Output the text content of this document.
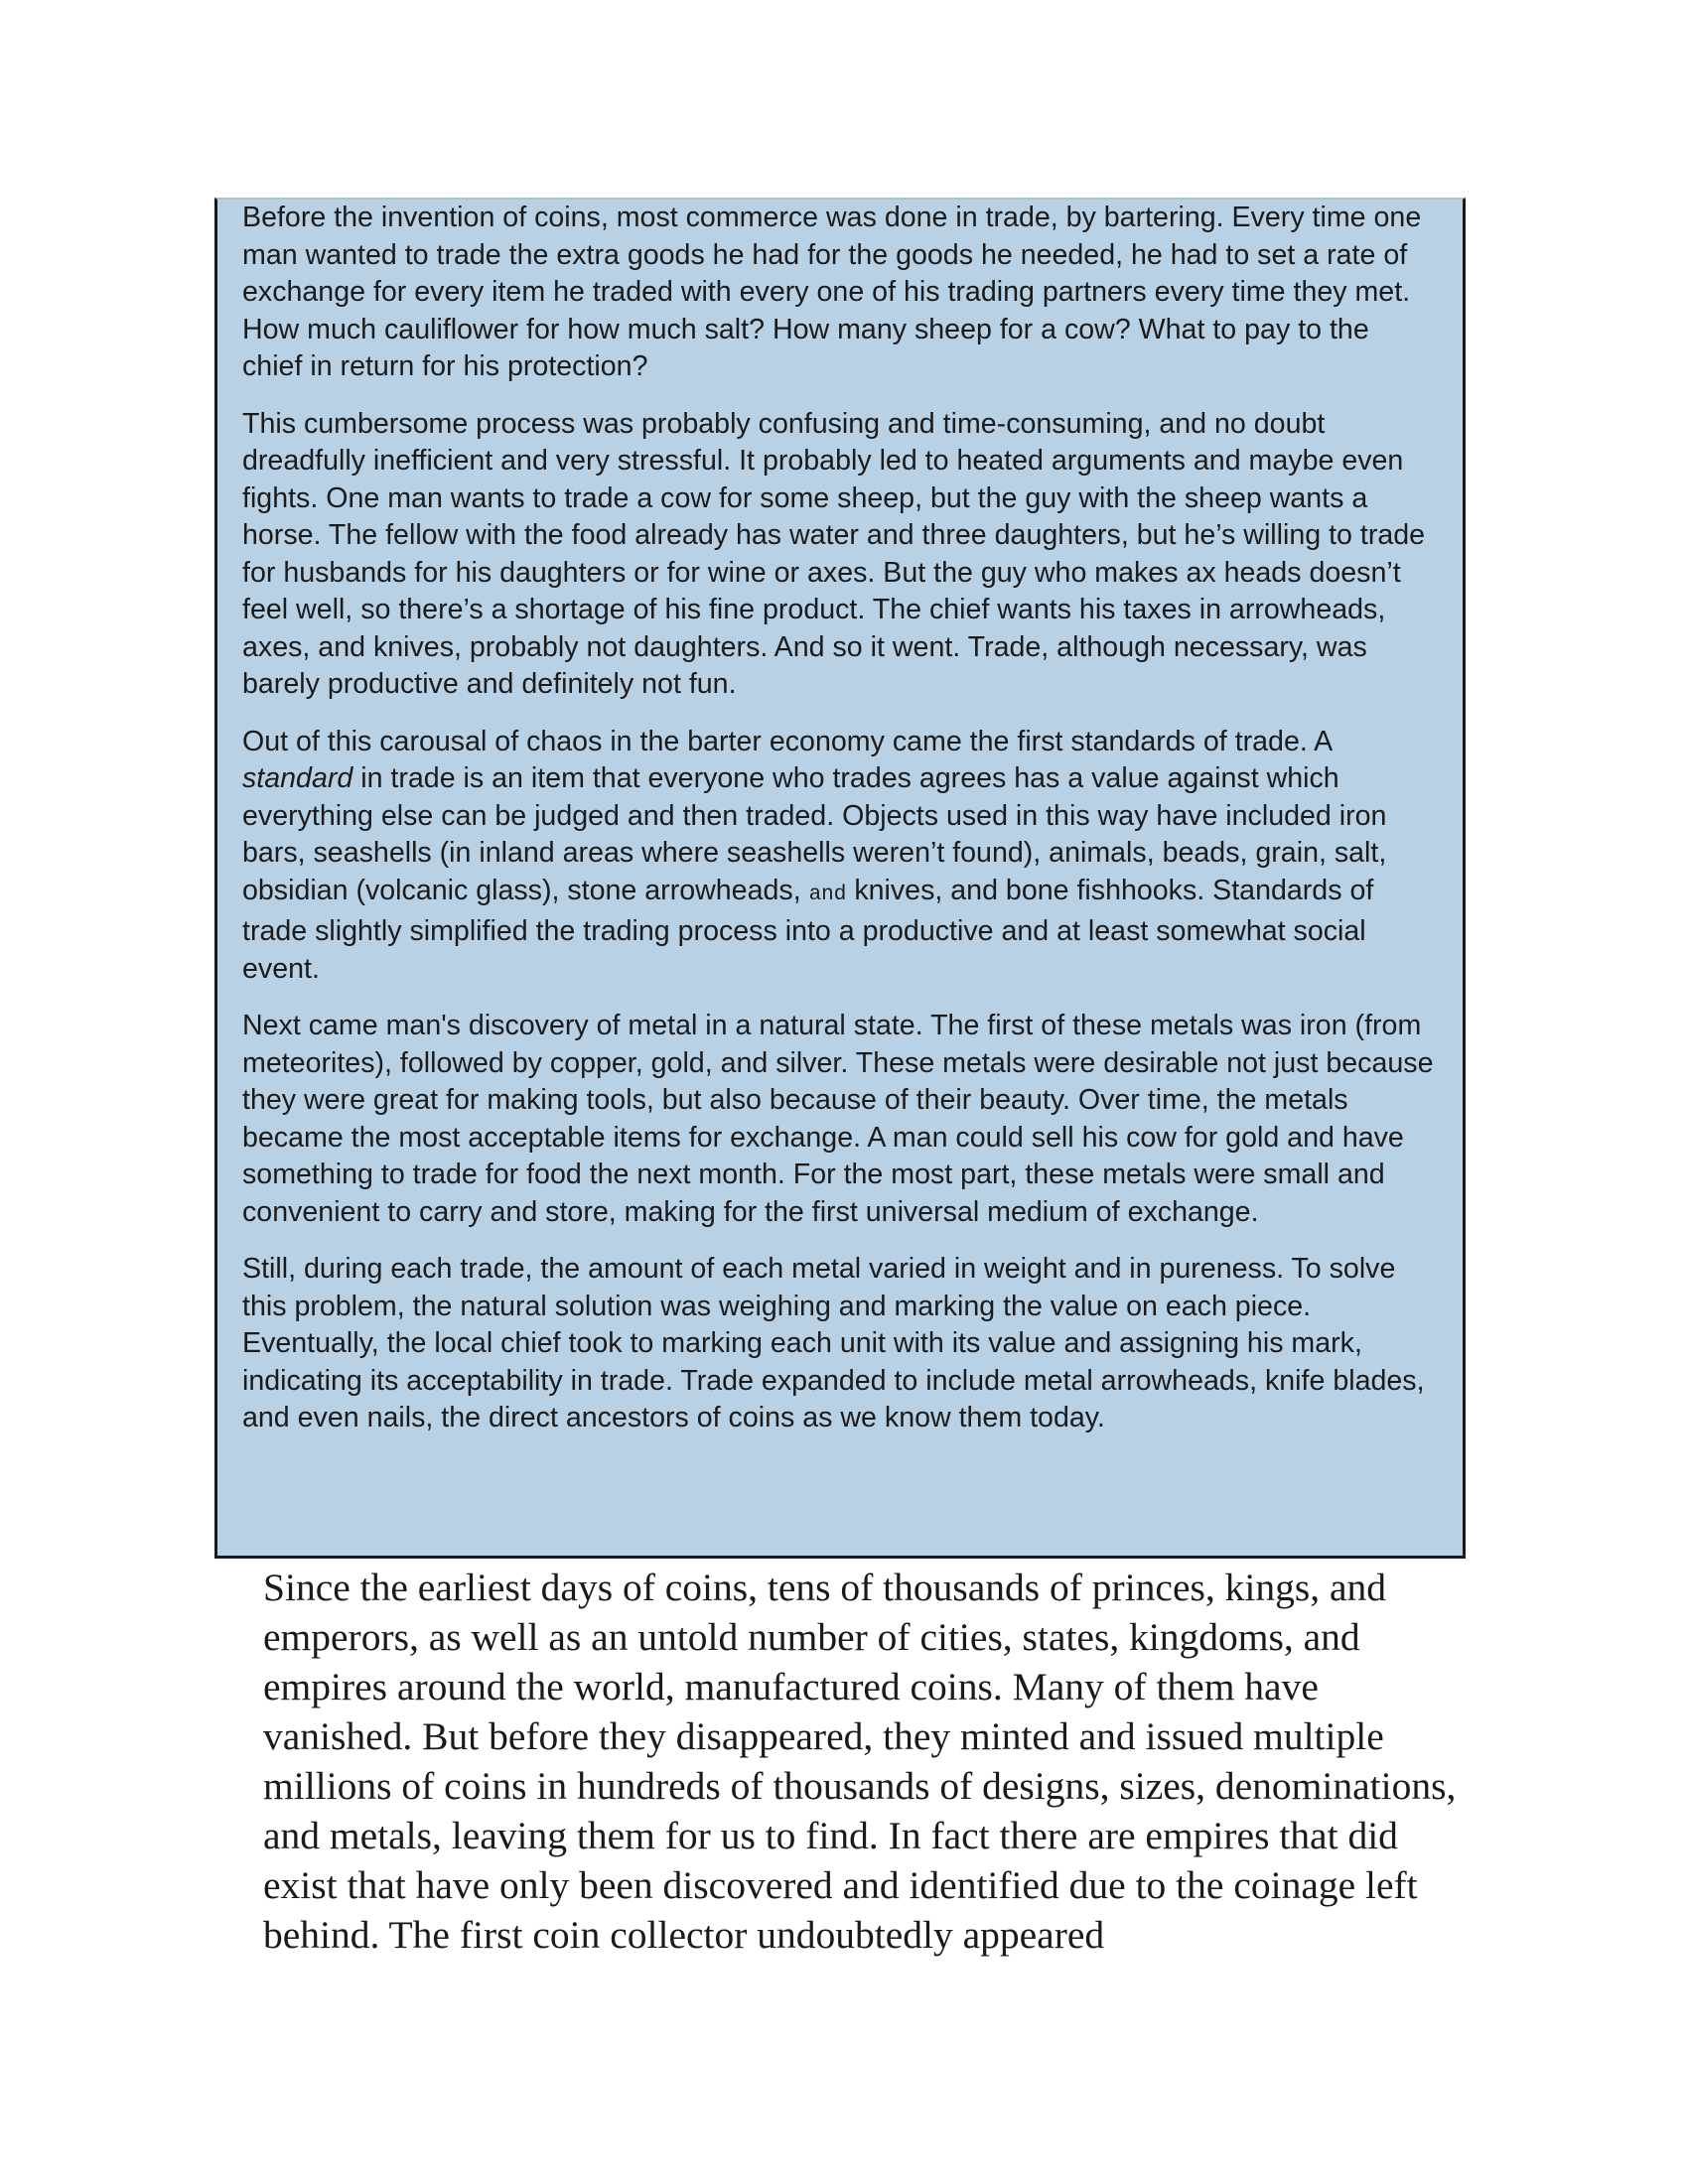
Before the invention of coins, most commerce was done in trade, by bartering. Every time one man wanted to trade the extra goods he had for the goods he needed, he had to set a rate of exchange for every item he traded with every one of his trading partners every time they met. How much cauliflower for how much salt? How many sheep for a cow? What to pay to the chief in return for his protection?

This cumbersome process was probably confusing and time-consuming, and no doubt dreadfully inefficient and very stressful. It probably led to heated arguments and maybe even fights. One man wants to trade a cow for some sheep, but the guy with the sheep wants a horse. The fellow with the food already has water and three daughters, but he’s willing to trade for husbands for his daughters or for wine or axes. But the guy who makes ax heads doesn’t feel well, so there’s a shortage of his fine product. The chief wants his taxes in arrowheads, axes, and knives, probably not daughters. And so it went. Trade, although necessary, was barely productive and definitely not fun.

Out of this carousal of chaos in the barter economy came the first standards of trade. A standard in trade is an item that everyone who trades agrees has a value against which everything else can be judged and then traded. Objects used in this way have included iron bars, seashells (in inland areas where seashells weren’t found), animals, beads, grain, salt, obsidian (volcanic glass), stone arrowheads, and knives, and bone fishhooks. Standards of trade slightly simplified the trading process into a productive and at least somewhat social event.

Next came man's discovery of metal in a natural state. The first of these metals was iron (from meteorites), followed by copper, gold, and silver. These metals were desirable not just because they were great for making tools, but also because of their beauty. Over time, the metals became the most acceptable items for exchange. A man could sell his cow for gold and have something to trade for food the next month. For the most part, these metals were small and convenient to carry and store, making for the first universal medium of exchange.

Still, during each trade, the amount of each metal varied in weight and in pureness. To solve this problem, the natural solution was weighing and marking the value on each piece. Eventually, the local chief took to marking each unit with its value and assigning his mark, indicating its acceptability in trade. Trade expanded to include metal arrowheads, knife blades, and even nails, the direct ancestors of coins as we know them today.

Since the earliest days of coins, tens of thousands of princes, kings, and emperors, as well as an untold number of cities, states, kingdoms, and empires around the world, manufactured coins. Many of them have vanished. But before they disappeared, they minted and issued multiple millions of coins in hundreds of thousands of designs, sizes, denominations, and metals, leaving them for us to find. In fact there are empires that did exist that have only been discovered and identified due to the coinage left behind. The first coin collector undoubtedly appeared
